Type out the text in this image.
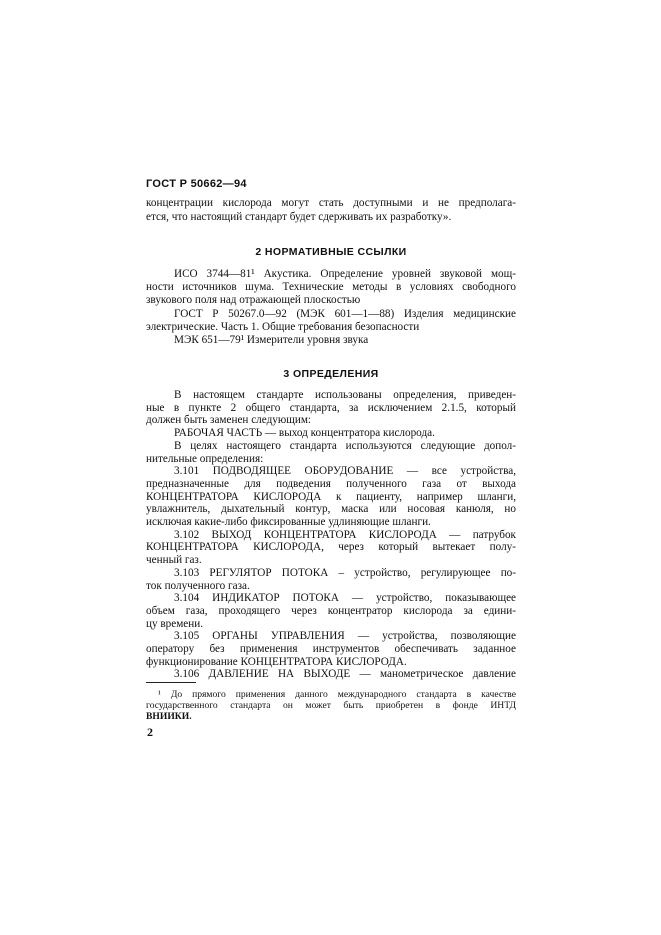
ГОСТ Р 50662—94
концентрации кислорода могут стать доступными и не предполага-
ется, что настоящий стандарт будет сдерживать их разработку».
2 НОРМАТИВНЫЕ ССЫЛКИ
ИСО 3744—81¹ Акустика. Определение уровней звуковой мощ-
ности источников шума. Технические методы в условиях свободного
звукового поля над отражающей плоскостью
ГОСТ Р 50267.0—92 (МЭК 601—1—88) Изделия медицинские
электрические. Часть 1. Общие требования безопасности
МЭК 651—79¹ Измерители уровня звука
3 ОПРЕДЕЛЕНИЯ
В настоящем стандарте использованы определения, приведен-
ные в пункте 2 общего стандарта, за исключением 2.1.5, который
должен быть заменен следующим:
РАБОЧАЯ ЧАСТЬ — выход концентратора кислорода.
В целях настоящего стандарта используются следующие допол-
нительные определения:
3.101 ПОДВОДЯЩЕЕ ОБОРУДОВАНИЕ — все устройства,
предназначенные для подведения полученного газа от выхода
КОНЦЕНТРАТОРА КИСЛОРОДА к пациенту, например шланги,
увлажнитель, дыхательный контур, маска или носовая канюля, но
исключая какие-либо фиксированные удлиняющие шланги.
3.102 ВЫХОД КОНЦЕНТРАТОРА КИСЛОРОДА — патрубок
КОНЦЕНТРАТОРА КИСЛОРОДА, через который вытекает полу-
ченный газ.
3.103 РЕГУЛЯТОР ПОТОКА – устройство, регулирующее по-
ток полученного газа.
3.104 ИНДИКАТОР ПОТОКА — устройство, показывающее
объем газа, проходящего через концентратор кислорода за едини-
цу времени.
3.105 ОРГАНЫ УПРАВЛЕНИЯ — устройства, позволяющие
оператору без применения инструментов обеспечивать заданное
функционирование КОНЦЕНТРАТОРА КИСЛОРОДА.
¹ До прямого применения данного международного стандарта в качестве
государственного стандарта он может быть приобретен в фонде ИНТД
ВНИИКИ.
2
3.106 ДАВЛЕНИЕ НА ВЫХОДЕ — манометрическое давление
